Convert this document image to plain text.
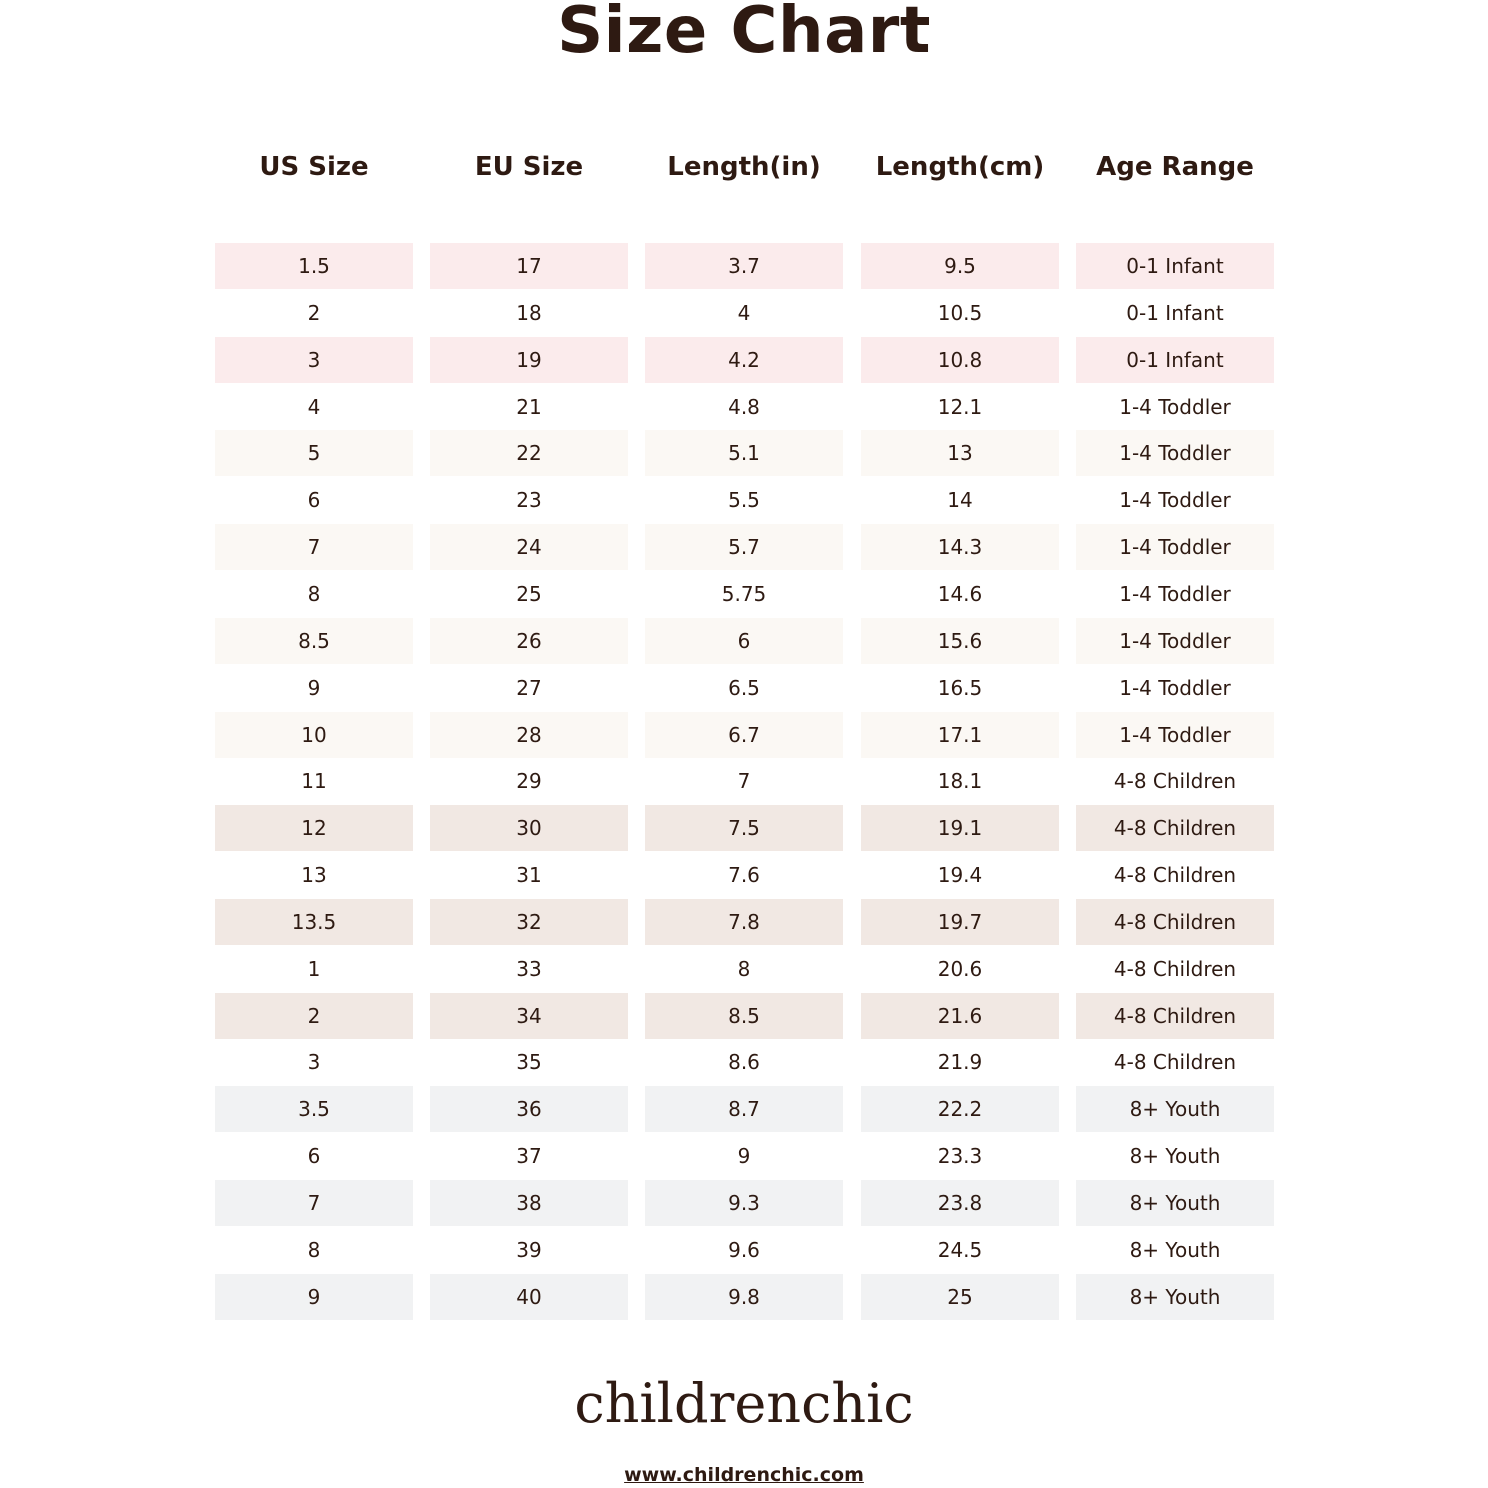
Size Chart
US Size
1.5
2
3
4
5
6
7
8
8.5
9
10
11
12
13
13.5
1
2
3
3.5
6
7
8
9
EU Size
17
18
19
21
22
23
24
25
26
27
28
29
30
31
32
33
34
35
36
37
38
39
40
Length(in)
3.7
4
4.2
4.8
5.1
5.5
5.7
5.75
6
6.5
6.7
7
7.5
7.6
7.8
8
8.5
8.6
8.7
9
9.3
9.6
9.8
Length(cm)
9.5
10.5
10.8
12.1
13
14
14.3
14.6
15.6
16.5
17.1
18.1
19.1
19.4
19.7
20.6
21.6
21.9
22.2
23.3
23.8
24.5
25
Age Range
0-1 Infant
0-1 Infant
0-1 Infant
1-4 Toddler
1-4 Toddler
1-4 Toddler
1-4 Toddler
1-4 Toddler
1-4 Toddler
1-4 Toddler
1-4 Toddler
4-8 Children
4-8 Children
4-8 Children
4-8 Children
4-8 Children
4-8 Children
4-8 Children
8+ Youth
8+ Youth
8+ Youth
8+ Youth
8+ Youth
childrenchic
www.childrenchic.com
